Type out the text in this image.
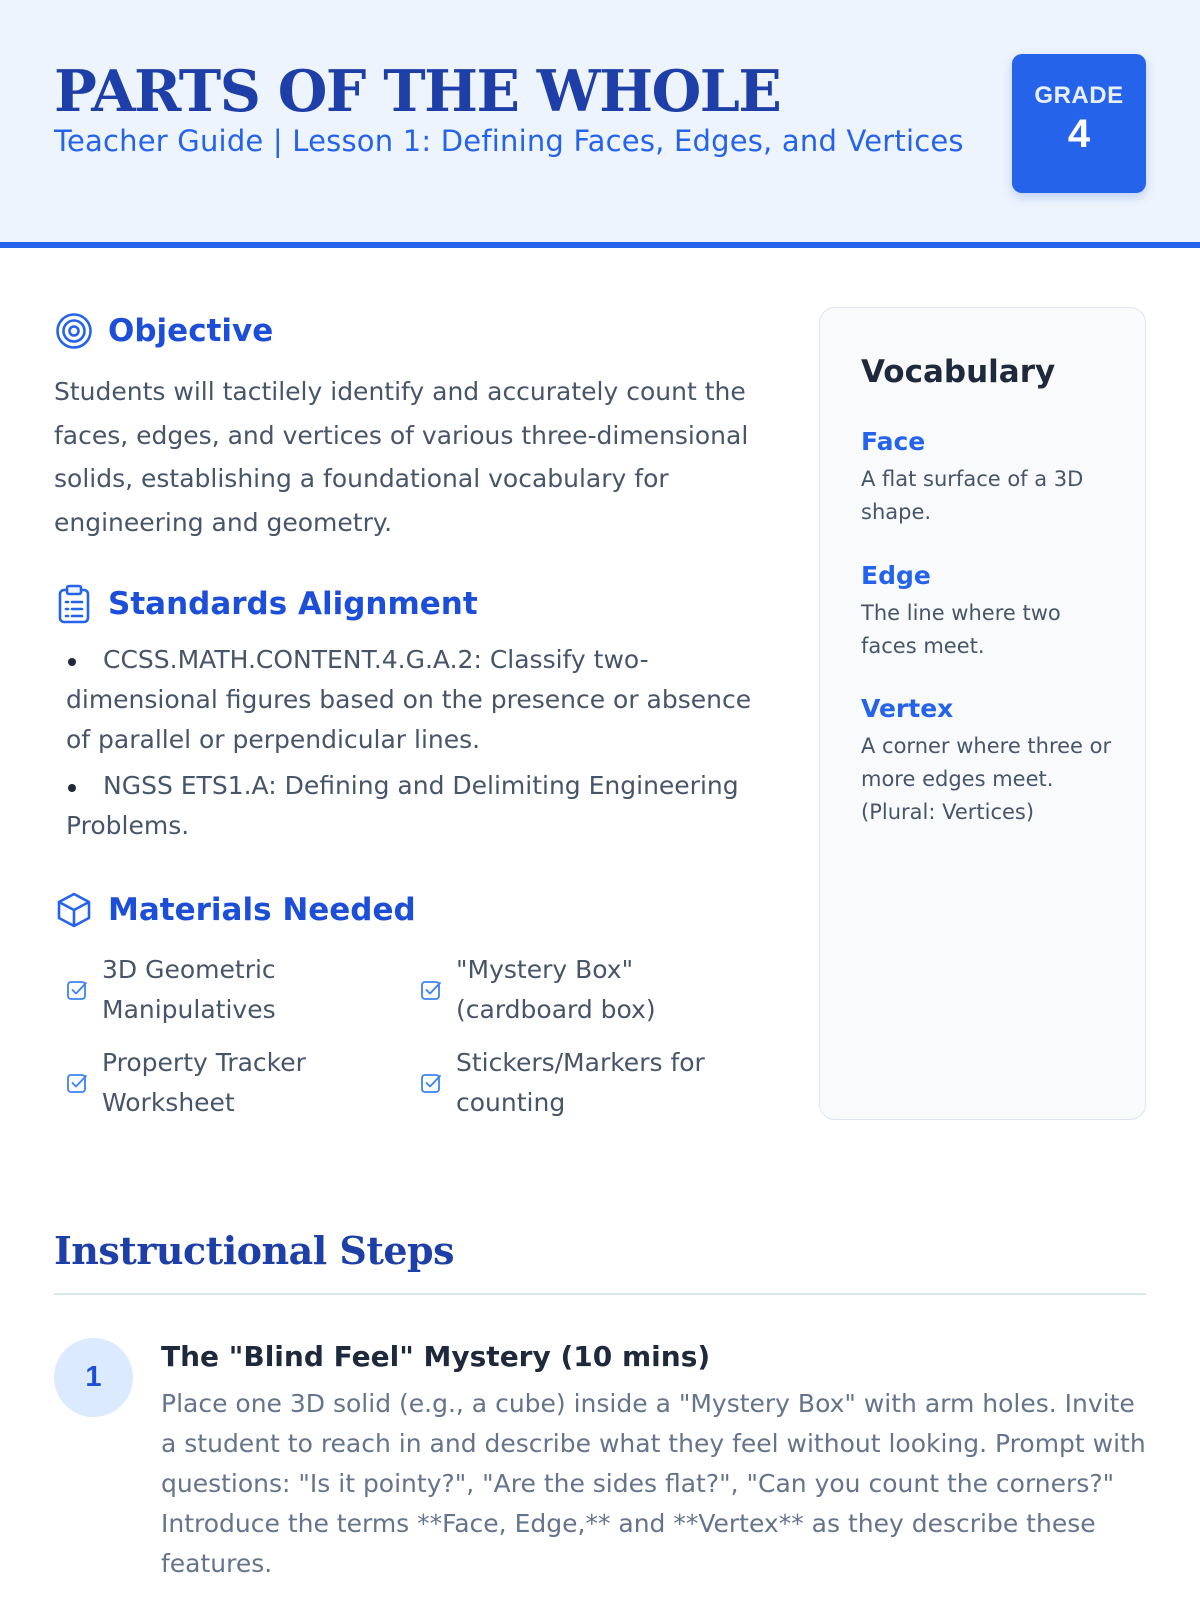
PARTS OF THE WHOLE
Teacher Guide | Lesson 1: Defining Faces, Edges, and Vertices
GRADE
4
Objective

Students will tactilely identify and accurately count the faces, edges, and vertices of various three-dimensional solids, establishing a foundational vocabulary for engineering and geometry.

Standards Alignment
CCSS.MATH.CONTENT.4.G.A.2: Classify two-dimensional figures based on the presence or absence of parallel or perpendicular lines.
NGSS ETS1.A: Defining and Delimiting Engineering Problems.
Materials Needed
3D Geometric Manipulatives
"Mystery Box" (cardboard box)
Property Tracker Worksheet
Stickers/Markers for counting
Vocabulary
Face
A flat surface of a 3D shape.
Edge
The line where two faces meet.
Vertex
A corner where three or more edges meet. (Plural: Vertices)
Instructional Steps
1
The "Blind Feel" Mystery (10 mins)

Place one 3D solid (e.g., a cube) inside a "Mystery Box" with arm holes. Invite a student to reach in and describe what they feel without looking. Prompt with questions: "Is it pointy?", "Are the sides flat?", "Can you count the corners?" Introduce the terms **Face, Edge,** and **Vertex** as they describe these features.
